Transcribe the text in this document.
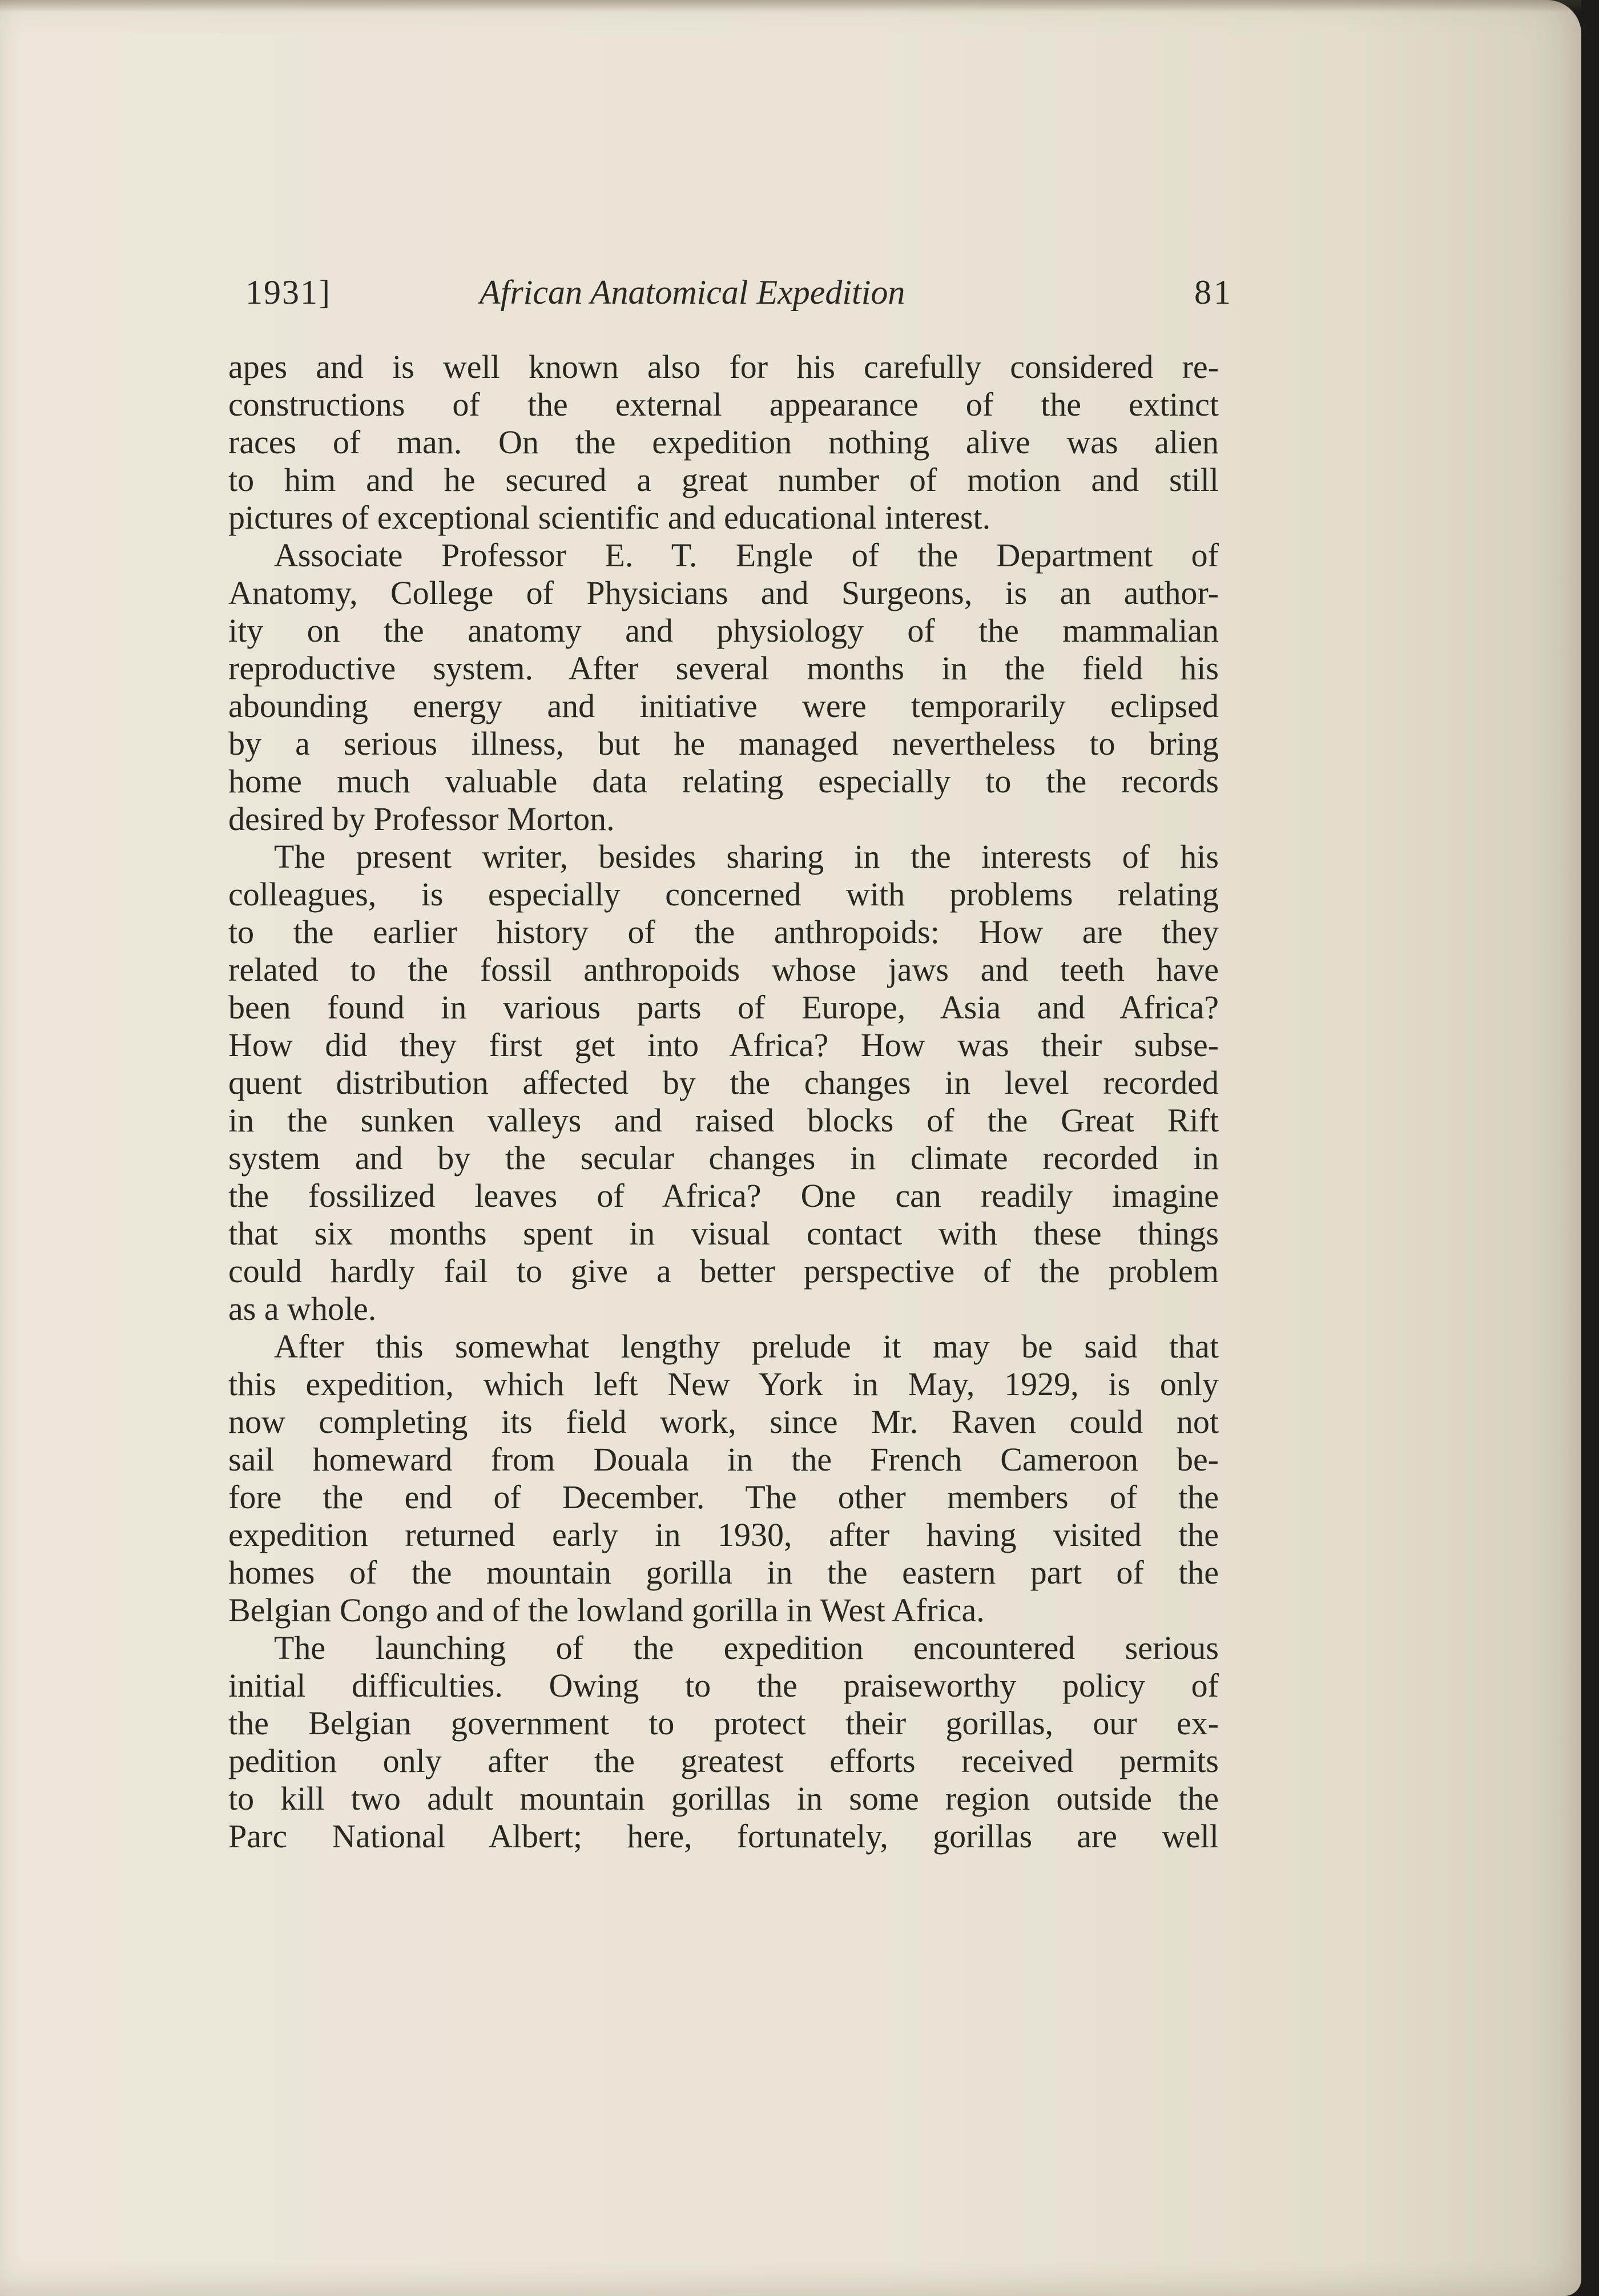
1931]	African Anatomical Expedition	81
apes and is well known also for his carefully considered re-
constructions of the external appearance of the extinct
races of man. On the expedition nothing alive was alien
to him and he secured a great number of motion and still
pictures of exceptional scientific and educational interest.
Associate Professor E. T. Engle of the Department of
Anatomy, College of Physicians and Surgeons, is an author-
ity on the anatomy and physiology of the mammalian
reproductive system. After several months in the field his
abounding energy and initiative were temporarily eclipsed
by a serious illness, but he managed nevertheless to bring
home much valuable data relating especially to the records
desired by Professor Morton.
The present writer, besides sharing in the interests of his
colleagues, is especially concerned with problems relating
to the earlier history of the anthropoids: How are they
related to the fossil anthropoids whose jaws and teeth have
been found in various parts of Europe, Asia and Africa?
How did they first get into Africa? How was their subse-
quent distribution affected by the changes in level recorded
in the sunken valleys and raised blocks of the Great Rift
system and by the secular changes in climate recorded in
the fossilized leaves of Africa? One can readily imagine
that six months spent in visual contact with these things
could hardly fail to give a better perspective of the problem
as a whole.
After this somewhat lengthy prelude it may be said that
this expedition, which left New York in May, 1929, is only
now completing its field work, since Mr. Raven could not
sail homeward from Douala in the French Cameroon be-
fore the end of December. The other members of the
expedition returned early in 1930, after having visited the
homes of the mountain gorilla in the eastern part of the
Belgian Congo and of the lowland gorilla in West Africa.
The launching of the expedition encountered serious
initial difficulties. Owing to the praiseworthy policy of
the Belgian government to protect their gorillas, our ex-
pedition only after the greatest efforts received permits
to kill two adult mountain gorillas in some region outside the
Parc National Albert; here, fortunately, gorillas are well
